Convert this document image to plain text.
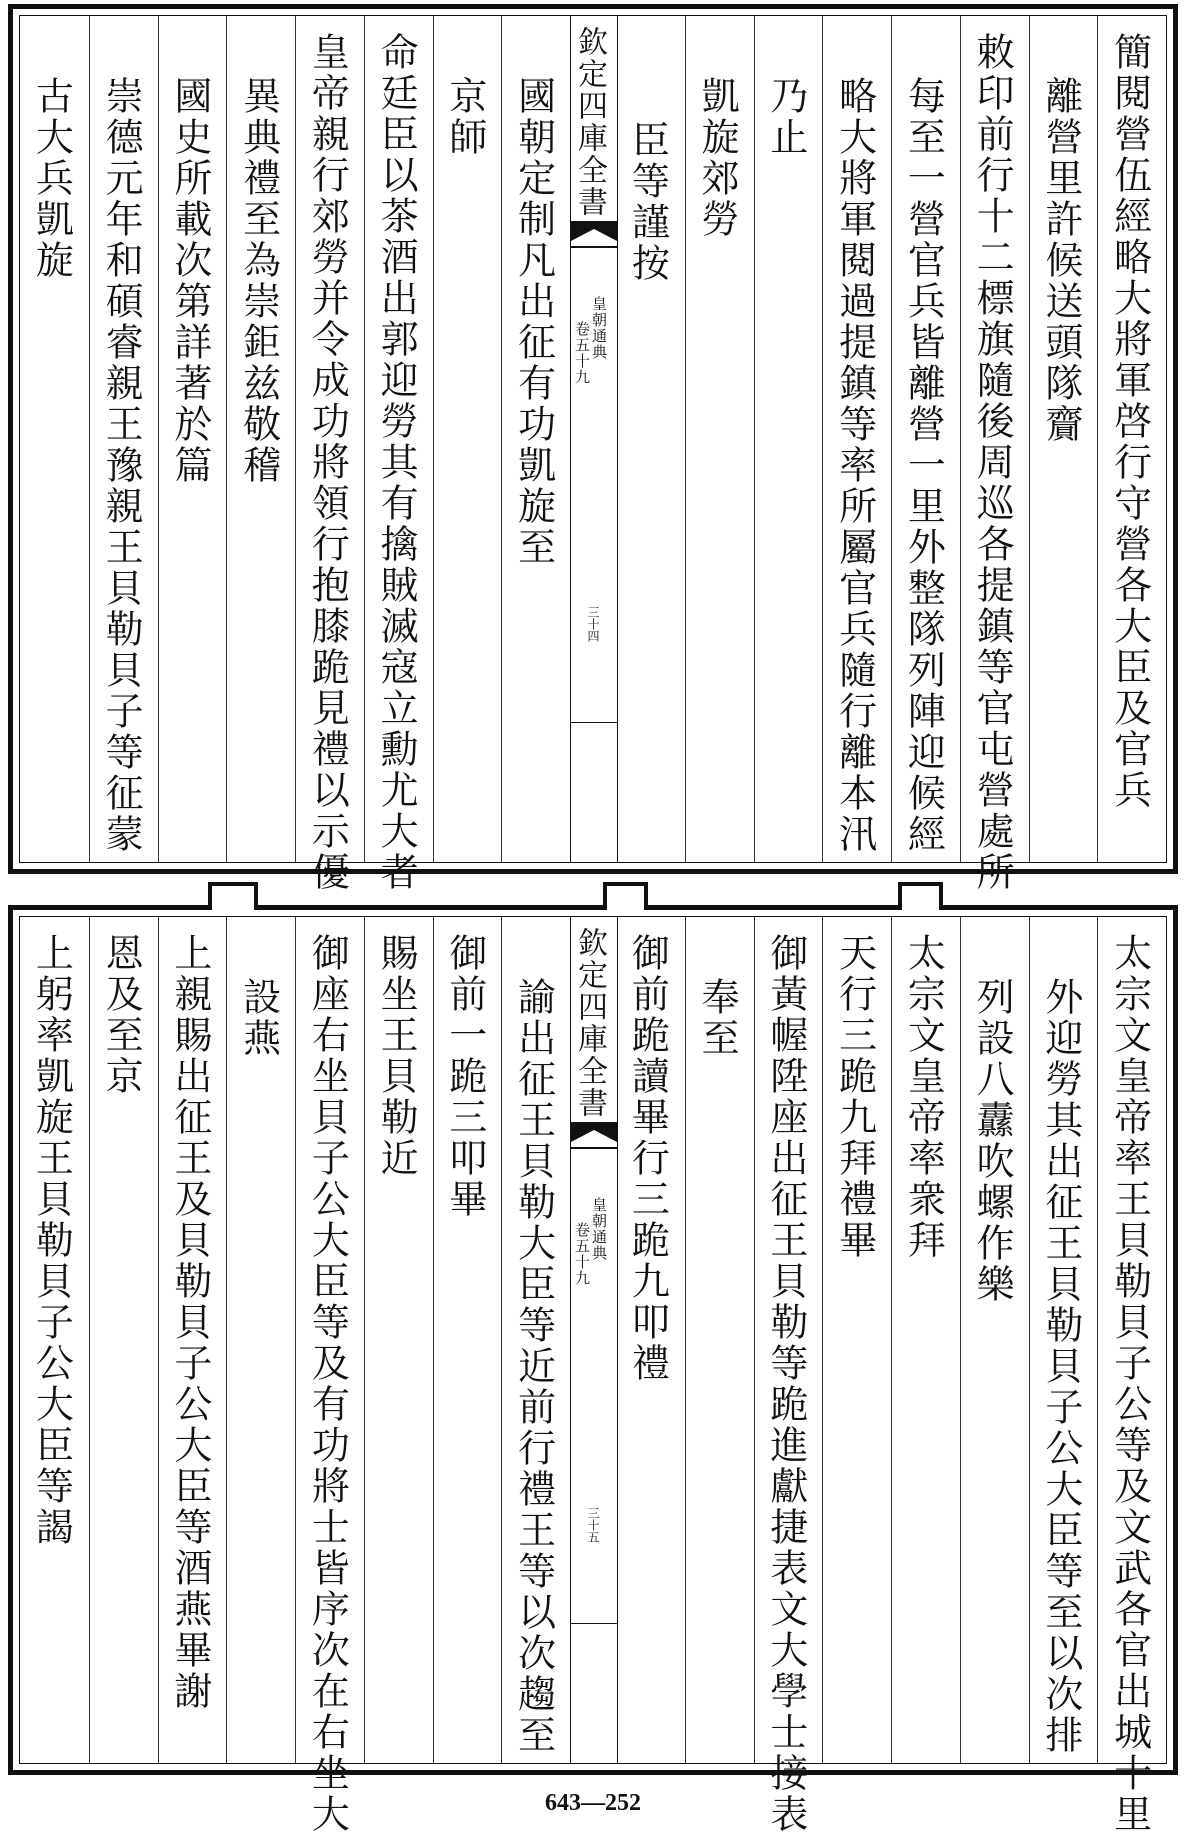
簡閱營伍經略大將軍啓行守營各大臣及官兵
離營里許候送頭隊齎
敕印前行十二標旗隨後周巡各提鎮等官屯營處所
每至一營官兵皆離營一里外整隊列陣迎候經
略大將軍閱過提鎮等率所屬官兵隨行離本汛
乃止
凱旋郊勞
臣等謹按
欽定四庫全書
皇朝通典
卷五十九
三十四
國朝定制凡出征有功凱旋至
京師
命廷臣以茶酒出郭迎勞其有擒賊滅寇立勳尤大者
皇帝親行郊勞并令成功將領行抱膝跪見禮以示優
異典禮至為崇鉅兹敬稽
國史所載次第詳著於篇
崇德元年和碩睿親王豫親王貝勒貝子等征蒙
古大兵凱旋
太宗文皇帝率王貝勒貝子公等及文武各官出城十里
外迎勞其出征王貝勒貝子公大臣等至以次排
列設八纛吹螺作樂
太宗文皇帝率衆拜
天行三跪九拜禮畢
御黃幄陞座出征王貝勒等跪進獻捷表文大學士接表
奉至
御前跪讀畢行三跪九叩禮
欽定四庫全書
皇朝通典
卷五十九
三十五
諭出征王貝勒大臣等近前行禮王等以次趨至
御前一跪三叩畢
賜坐王貝勒近
御座右坐貝子公大臣等及有功將士皆序次在右坐大
設燕
上親賜出征王及貝勒貝子公大臣等酒燕畢謝
恩及至京
上躬率凱旋王貝勒貝子公大臣等謁
643—252
